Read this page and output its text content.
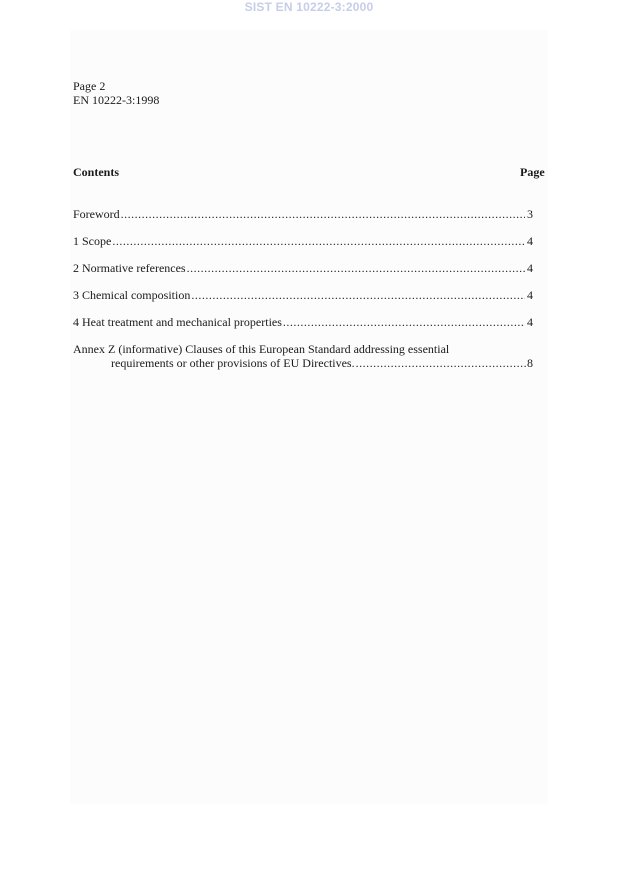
SIST EN 10222-3:2000
Page 2
EN 10222-3:1998
Contents	Page
Foreword .....	3
1 Scope .....	4
2 Normative references .....	4
3 Chemical composition .....	4
4 Heat treatment and mechanical properties .....	4
Annex Z (informative) Clauses of this European Standard addressing essential
requirements or other provisions of EU Directives. .....	8
